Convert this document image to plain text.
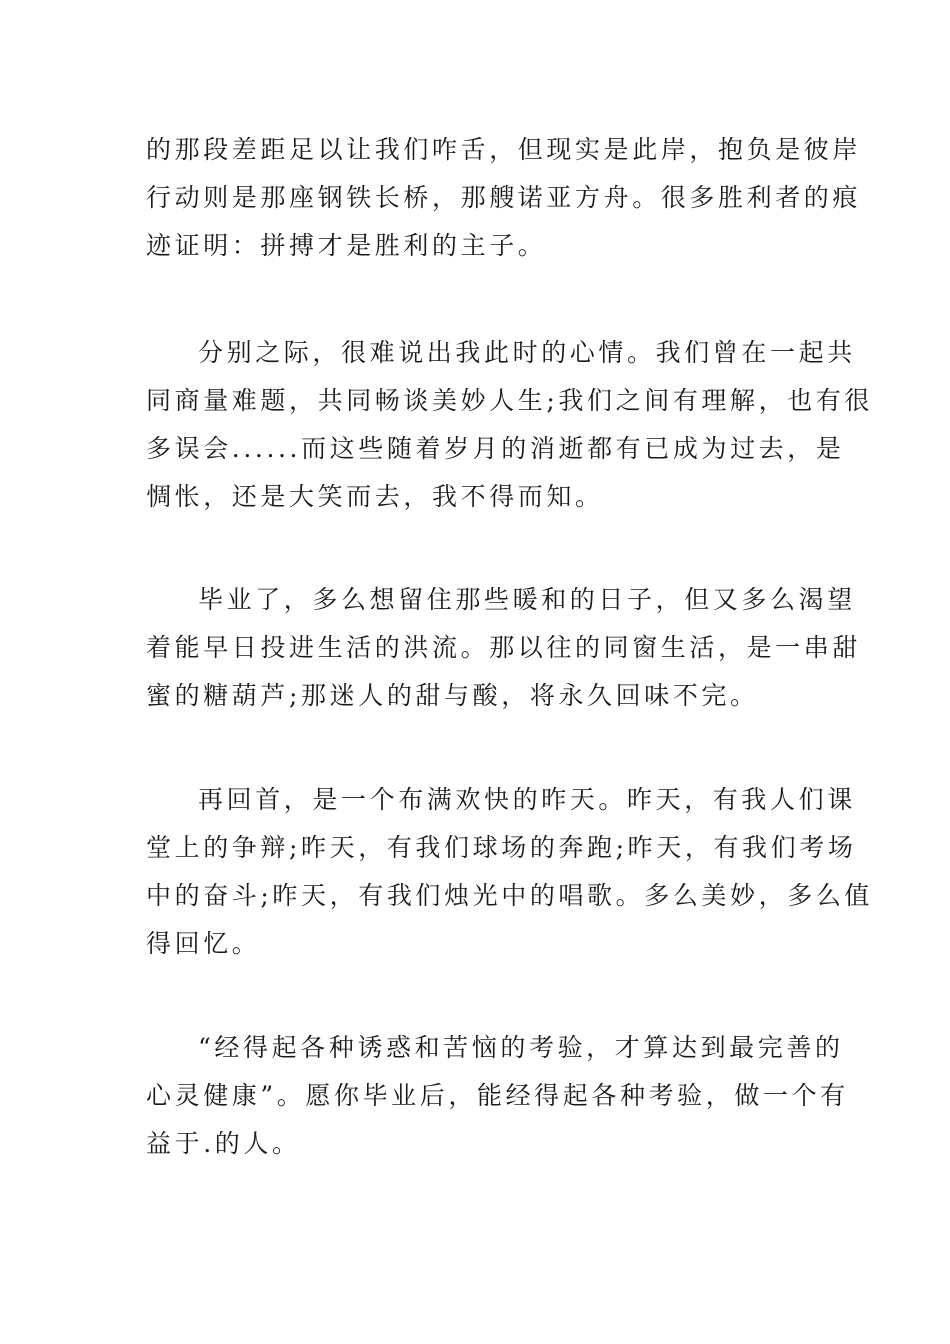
的那段差距足以让我们咋舌，但现实是此岸，抱负是彼岸
行动则是那座钢铁长桥，那艘诺亚方舟。很多胜利者的痕
迹证明：拼搏才是胜利的主子。

分别之际，很难说出我此时的心情。我们曾在一起共
同商量难题，共同畅谈美妙人生;我们之间有理解，也有很
多误会......而这些随着岁月的消逝都有已成为过去，是
惆怅，还是大笑而去，我不得而知。

毕业了，多么想留住那些暖和的日子，但又多么渴望
着能早日投进生活的洪流。那以往的同窗生活，是一串甜
蜜的糖葫芦;那迷人的甜与酸，将永久回味不完。

再回首，是一个布满欢快的昨天。昨天，有我人们课
堂上的争辩;昨天，有我们球场的奔跑;昨天，有我们考场
中的奋斗;昨天，有我们烛光中的唱歌。多么美妙，多么值
得回忆。

“经得起各种诱惑和苦恼的考验，才算达到最完善的
心灵健康”。愿你毕业后，能经得起各种考验，做一个有
益于.的人。
